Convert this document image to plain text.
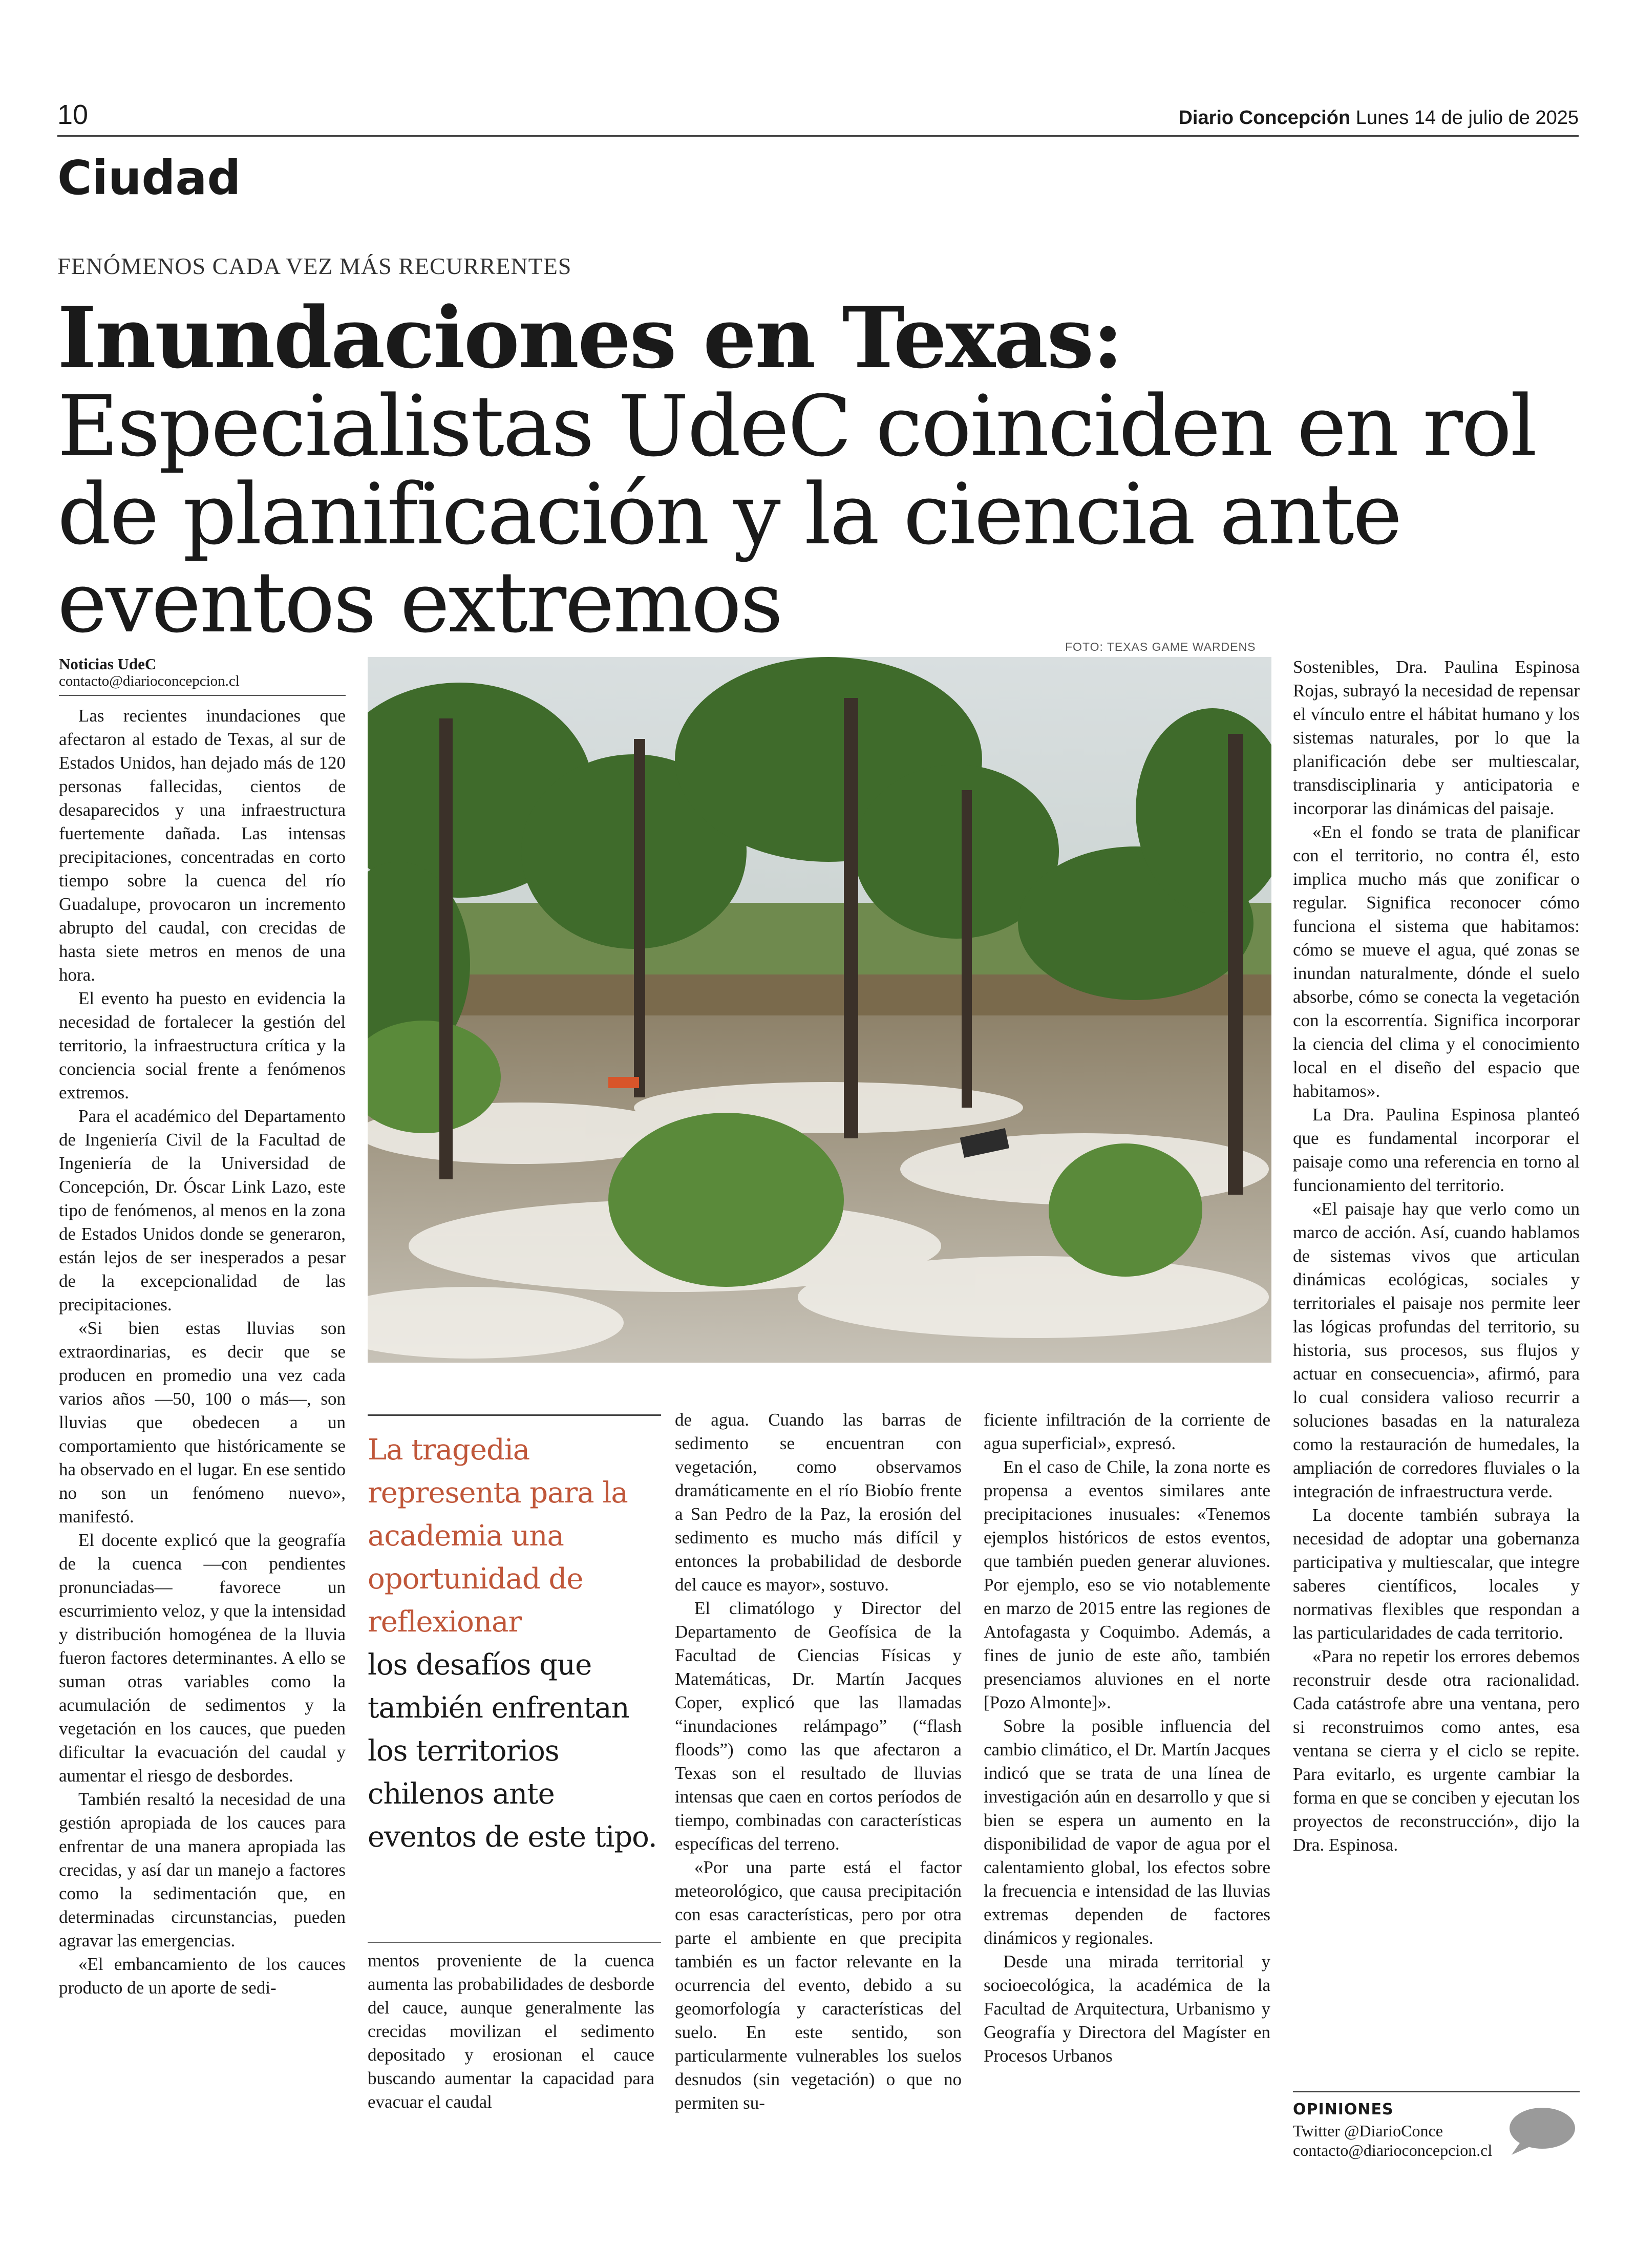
10	Diario Concepción Lunes 14 de julio de 2025
Ciudad
FENÓMENOS CADA VEZ MÁS RECURRENTES
Inundaciones en Texas: Especialistas UdeC coinciden en rol de planificación y la ciencia ante eventos extremos
Noticias UdeC
contacto@diarioconcepcion.cl

Las recientes inundaciones que afectaron al estado de Texas, al sur de Estados Unidos, han dejado más de 120 personas fallecidas, cientos de desaparecidos y una infraestructura fuertemente dañada. Las intensas precipitaciones, concentradas en corto tiempo sobre la cuenca del río Guadalupe, provocaron un incremento abrupto del caudal, con crecidas de hasta siete metros en menos de una hora.

El evento ha puesto en evidencia la necesidad de fortalecer la gestión del territorio, la infraestructura crítica y la conciencia social frente a fenómenos extremos.

Para el académico del Departamento de Ingeniería Civil de la Facultad de Ingeniería de la Universidad de Concepción, Dr. Óscar Link Lazo, este tipo de fenómenos, al menos en la zona de Estados Unidos donde se generaron, están lejos de ser inesperados a pesar de la excepcionalidad de las precipitaciones.

«Si bien estas lluvias son extraordinarias, es decir que se producen en promedio una vez cada varios años —50, 100 o más—, son lluvias que obedecen a un comportamiento que históricamente se ha observado en el lugar. En ese sentido no son un fenómeno nuevo», manifestó.

El docente explicó que la geografía de la cuenca —con pendientes pronunciadas— favorece un escurrimiento veloz, y que la intensidad y distribución homogénea de la lluvia fueron factores determinantes. A ello se suman otras variables como la acumulación de sedimentos y la vegetación en los cauces, que pueden dificultar la evacuación del caudal y aumentar el riesgo de desbordes.

También resaltó la necesidad de una gestión apropiada de los cauces para enfrentar de una manera apropiada las crecidas, y así dar un manejo a factores como la sedimentación que, en determinadas circunstancias, pueden agravar las emergencias.

«El embancamiento de los cauces producto de un aporte de sedi-

FOTO: TEXAS GAME WARDENS
La tragedia representa para la academia una oportunidad de reflexionar
los desafíos que también enfrentan los territorios chilenos ante eventos de este tipo.

mentos proveniente de la cuenca aumenta las probabilidades de desborde del cauce, aunque generalmente las crecidas movilizan el sedimento depositado y erosionan el cauce buscando aumentar la capacidad para evacuar el caudal

de agua. Cuando las barras de sedimento se encuentran con vegetación, como observamos dramáticamente en el río Biobío frente a San Pedro de la Paz, la erosión del sedimento es mucho más difícil y entonces la probabilidad de desborde del cauce es mayor», sostuvo.

El climatólogo y Director del Departamento de Geofísica de la Facultad de Ciencias Físicas y Matemáticas, Dr. Martín Jacques Coper, explicó que las llamadas “inundaciones relámpago” (“flash floods”) como las que afectaron a Texas son el resultado de lluvias intensas que caen en cortos períodos de tiempo, combinadas con características específicas del terreno.

«Por una parte está el factor meteorológico, que causa precipitación con esas características, pero por otra parte el ambiente en que precipita también es un factor relevante en la ocurrencia del evento, debido a su geomorfología y características del suelo. En este sentido, son particularmente vulnerables los suelos desnudos (sin vegetación) o que no permiten su-

ficiente infiltración de la corriente de agua superficial», expresó.

En el caso de Chile, la zona norte es propensa a eventos similares ante precipitaciones inusuales: «Tenemos ejemplos históricos de estos eventos, que también pueden generar aluviones. Por ejemplo, eso se vio notablemente en marzo de 2015 entre las regiones de Antofagasta y Coquimbo. Además, a fines de junio de este año, también presenciamos aluviones en el norte [Pozo Almonte]».

Sobre la posible influencia del cambio climático, el Dr. Martín Jacques indicó que se trata de una línea de investigación aún en desarrollo y que si bien se espera un aumento en la disponibilidad de vapor de agua por el calentamiento global, los efectos sobre la frecuencia e intensidad de las lluvias extremas dependen de factores dinámicos y regionales.

Desde una mirada territorial y socioecológica, la académica de la Facultad de Arquitectura, Urbanismo y Geografía y Directora del Magíster en Procesos Urbanos

Sostenibles, Dra. Paulina Espinosa Rojas, subrayó la necesidad de repensar el vínculo entre el hábitat humano y los sistemas naturales, por lo que la planificación debe ser multiescalar, transdisciplinaria y anticipatoria e incorporar las dinámicas del paisaje.

«En el fondo se trata de planificar con el territorio, no contra él, esto implica mucho más que zonificar o regular. Significa reconocer cómo funciona el sistema que habitamos: cómo se mueve el agua, qué zonas se inundan naturalmente, dónde el suelo absorbe, cómo se conecta la vegetación con la escorrentía. Significa incorporar la ciencia del clima y el conocimiento local en el diseño del espacio que habitamos».

La Dra. Paulina Espinosa planteó que es fundamental incorporar el paisaje como una referencia en torno al funcionamiento del territorio.

«El paisaje hay que verlo como un marco de acción. Así, cuando hablamos de sistemas vivos que articulan dinámicas ecológicas, sociales y territoriales el paisaje nos permite leer las lógicas profundas del territorio, su historia, sus procesos, sus flujos y actuar en consecuencia», afirmó, para lo cual considera valioso recurrir a soluciones basadas en la naturaleza como la restauración de humedales, la ampliación de corredores fluviales o la integración de infraestructura verde.

La docente también subraya la necesidad de adoptar una gobernanza participativa y multiescalar, que integre saberes científicos, locales y normativas flexibles que respondan a las particularidades de cada territorio.

«Para no repetir los errores debemos reconstruir desde otra racionalidad. Cada catástrofe abre una ventana, pero si reconstruimos como antes, esa ventana se cierra y el ciclo se repite. Para evitarlo, es urgente cambiar la forma en que se conciben y ejecutan los proyectos de reconstrucción», dijo la Dra. Espinosa.

OPINIONES
Twitter @DiarioConce
contacto@diarioconcepcion.cl
